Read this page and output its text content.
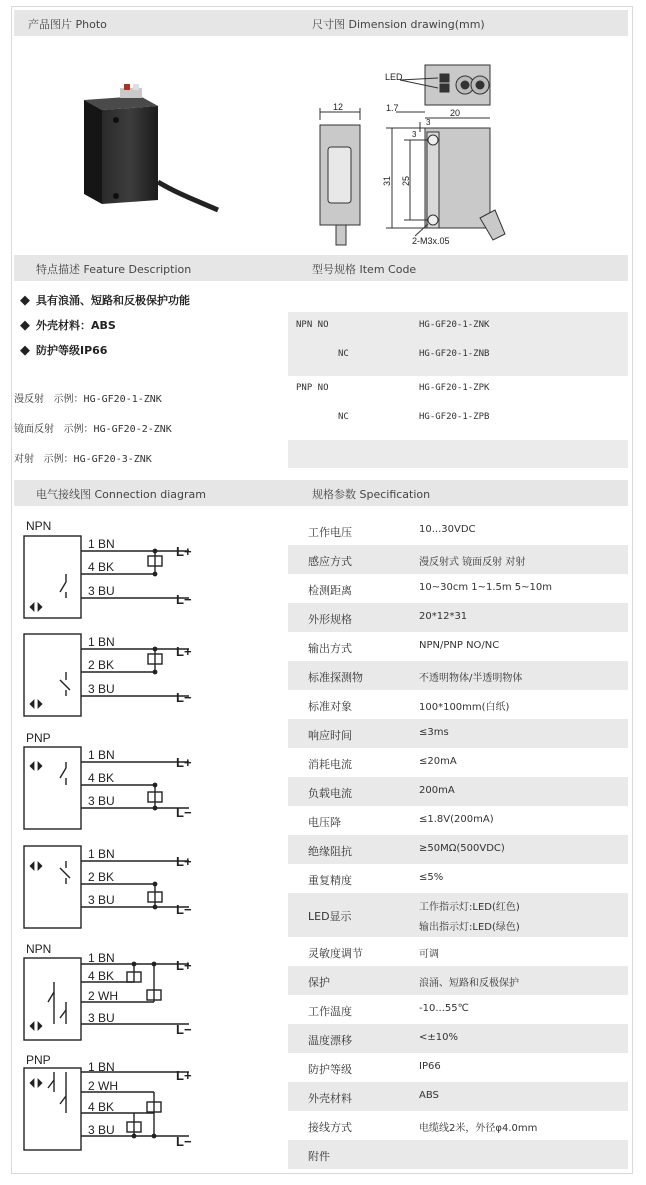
产品图片 Photo	尺寸图 Dimension drawing(mm)
特点描述 Feature Description	型号规格 Item Code
电气接线图 Connection diagram	规格参数 Specification
LED
12	1.7	20
3
3
31 25
2-M3x.05
◆ 具有浪涌、短路和反极保护功能
◆ 外壳材料：ABS
◆ 防护等级IP66
漫反射 示例：HG-GF20-1-ZNK
镜面反射 示例：HG-GF20-2-ZNK
对射 示例：HG-GF20-3-ZNK
NPN NO	HG-GF20-1-ZNK
NC	HG-GF20-1-ZNB
PNP NO	HG-GF20-1-ZPK
NC	HG-GF20-1-ZPB
NPN
1 BN
4 BK
3 BU
L+
L−
1 BN
2 BK
3 BU
L+
L−
PNP
1 BN
4 BK
3 BU
L+
L−
1 BN
2 BK
3 BU
L+
L−
NPN
1 BN
4 BK
2 WH
3 BU
L+
L−
PNP	1 BN
2 WH
4 BK
3 BU
L+
L−
工作电压	10...30VDC
感应方式	漫反射式 镜面反射 对射
检测距离	10~30cm 1~1.5m 5~10m
外形规格	20*12*31
输出方式	NPN/PNP NO/NC
标准探测物	不透明物体/半透明物体
标准对象	100*100mm(白纸)
响应时间	≤3ms
消耗电流	≤20mA
负载电流	200mA
电压降	≤1.8V(200mA)
绝缘阻抗	≥50MΩ(500VDC)
重复精度	≤5%
LED显示
工作指示灯:LED(红色)
输出指示灯:LED(绿色)
灵敏度调节	可调
保护	浪涌、短路和反极保护
工作温度	-10...55℃
温度漂移	<±10%
防护等级	IP66
外壳材料	ABS
接线方式	电缆线2米，外径φ4.0mm
附件
